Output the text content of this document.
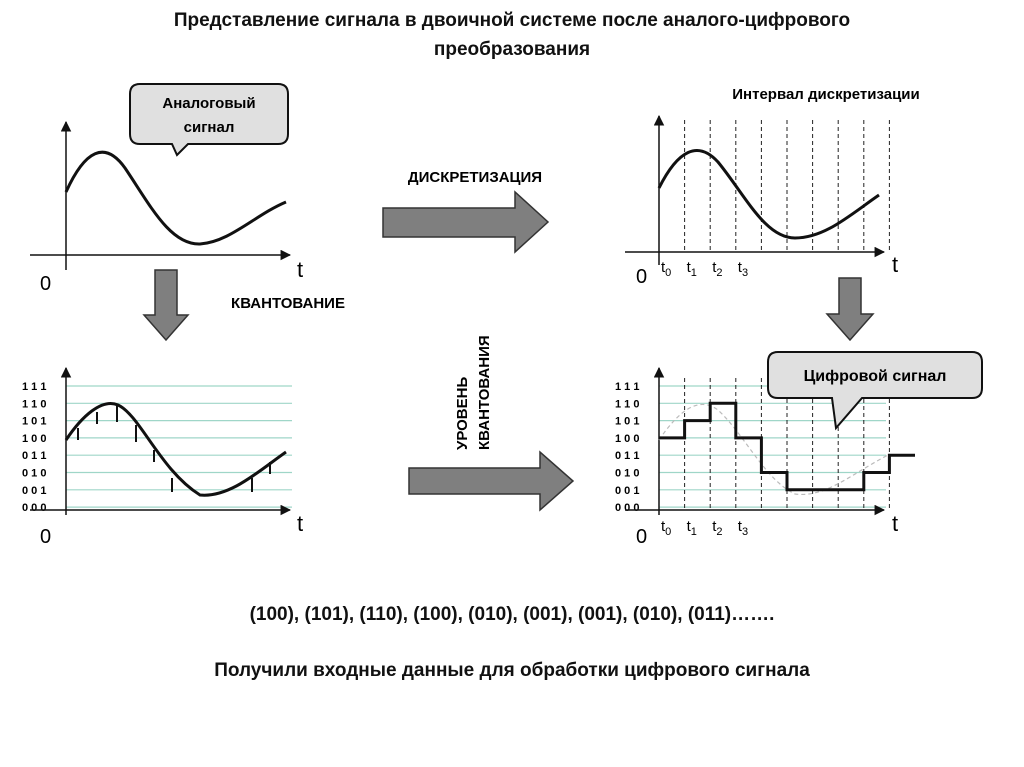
Представление сигнала в двоичной системе после аналого-цифрового
преобразования
t
0
Аналоговый
сигнал
ДИСКРЕТИЗАЦИЯ
Интервал дискретизации
t
0 $t_0$ $t_1$ $t_2$ $t_3$
КВАНТОВАНИЕ
1 1 1
1 1 0
1 0 1
1 0 0
0 1 1
0 1 0
0 0 1
0 0 0
t
0
УРОВЕНЬ КВАНТОВАНИЯ	1 1 1
1 1 0
1 0 1
1 0 0
0 1 1
0 1 0
0 0 1
0 0 0
t
0 $t_0$ $t_1$ $t_2$ $t_3$
Цифровой сигнал
(100), (101), (110), (100), (010), (001), (001), (010), (011)…….
Получили входные данные для обработки цифрового сигнала
